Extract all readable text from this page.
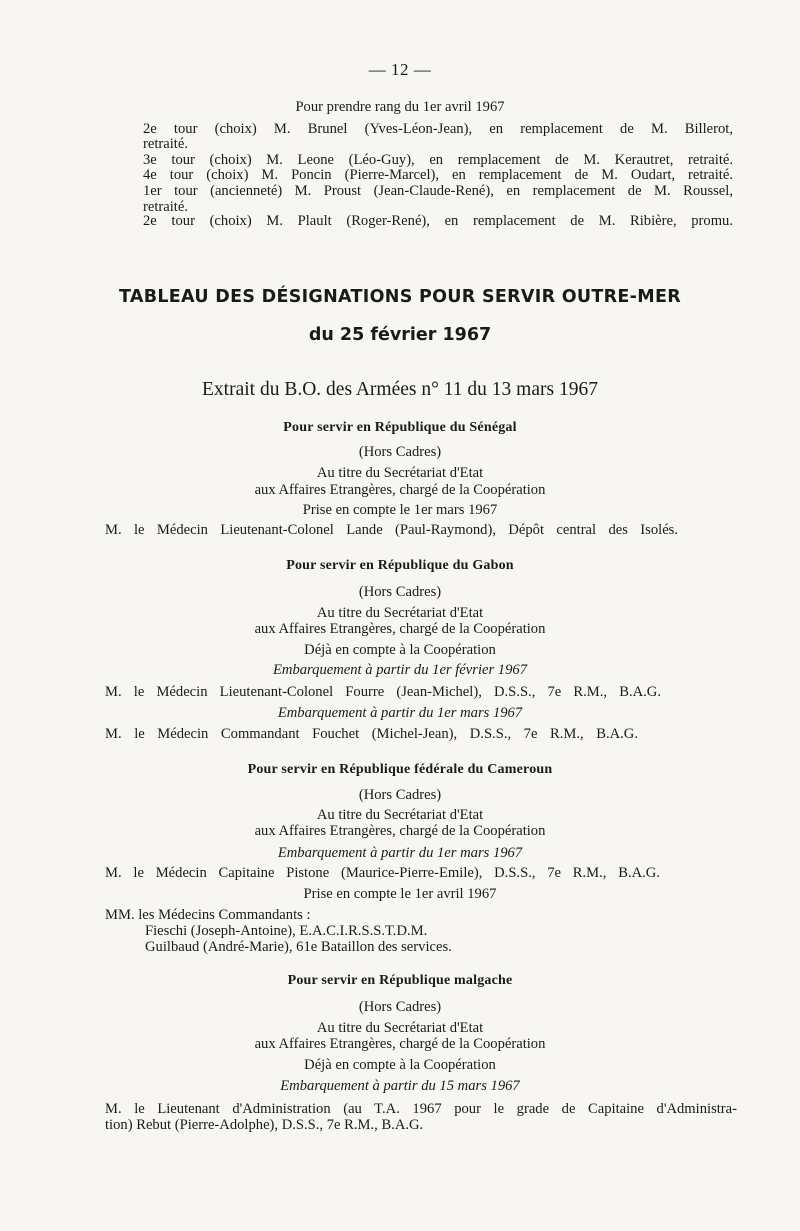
— 12 —
Pour prendre rang du 1er avril 1967
2e tour (choix) M. Brunel (Yves-Léon-Jean), en remplacement de M. Billerot,
retraité.
3e tour (choix) M. Leone (Léo-Guy), en remplacement de M. Kerautret, retraité.
4e tour (choix) M. Poncin (Pierre-Marcel), en remplacement de M. Oudart, retraité.
1er tour (ancienneté) M. Proust (Jean-Claude-René), en remplacement de M. Roussel,
retraité.
2e tour (choix) M. Plault (Roger-René), en remplacement de M. Ribière, promu.
TABLEAU DES DÉSIGNATIONS POUR SERVIR OUTRE-MER
du 25 février 1967
Extrait du B.O. des Armées n° 11 du 13 mars 1967
Pour servir en République du Sénégal
(Hors Cadres)
Au titre du Secrétariat d'Etat
aux Affaires Etrangères, chargé de la Coopération
Prise en compte le 1er mars 1967
M. le Médecin Lieutenant-Colonel Lande (Paul-Raymond), Dépôt central des Isolés.
Pour servir en République du Gabon
(Hors Cadres)
Au titre du Secrétariat d'Etat
aux Affaires Etrangères, chargé de la Coopération
Déjà en compte à la Coopération
Embarquement à partir du 1er février 1967
M. le Médecin Lieutenant-Colonel Fourre (Jean-Michel), D.S.S., 7e R.M., B.A.G.
Embarquement à partir du 1er mars 1967
M. le Médecin Commandant Fouchet (Michel-Jean), D.S.S., 7e R.M., B.A.G.
Pour servir en République fédérale du Cameroun
(Hors Cadres)
Au titre du Secrétariat d'Etat
aux Affaires Etrangères, chargé de la Coopération
Embarquement à partir du 1er mars 1967
M. le Médecin Capitaine Pistone (Maurice-Pierre-Emile), D.S.S., 7e R.M., B.A.G.
Prise en compte le 1er avril 1967
MM. les Médecins Commandants :
Fieschi (Joseph-Antoine), E.A.C.I.R.S.S.T.D.M.
Guilbaud (André-Marie), 61e Bataillon des services.
Pour servir en République malgache
(Hors Cadres)
Au titre du Secrétariat d'Etat
aux Affaires Etrangères, chargé de la Coopération
Déjà en compte à la Coopération
Embarquement à partir du 15 mars 1967
M. le Lieutenant d'Administration (au T.A. 1967 pour le grade de Capitaine d'Administra-
tion) Rebut (Pierre-Adolphe), D.S.S., 7e R.M., B.A.G.
